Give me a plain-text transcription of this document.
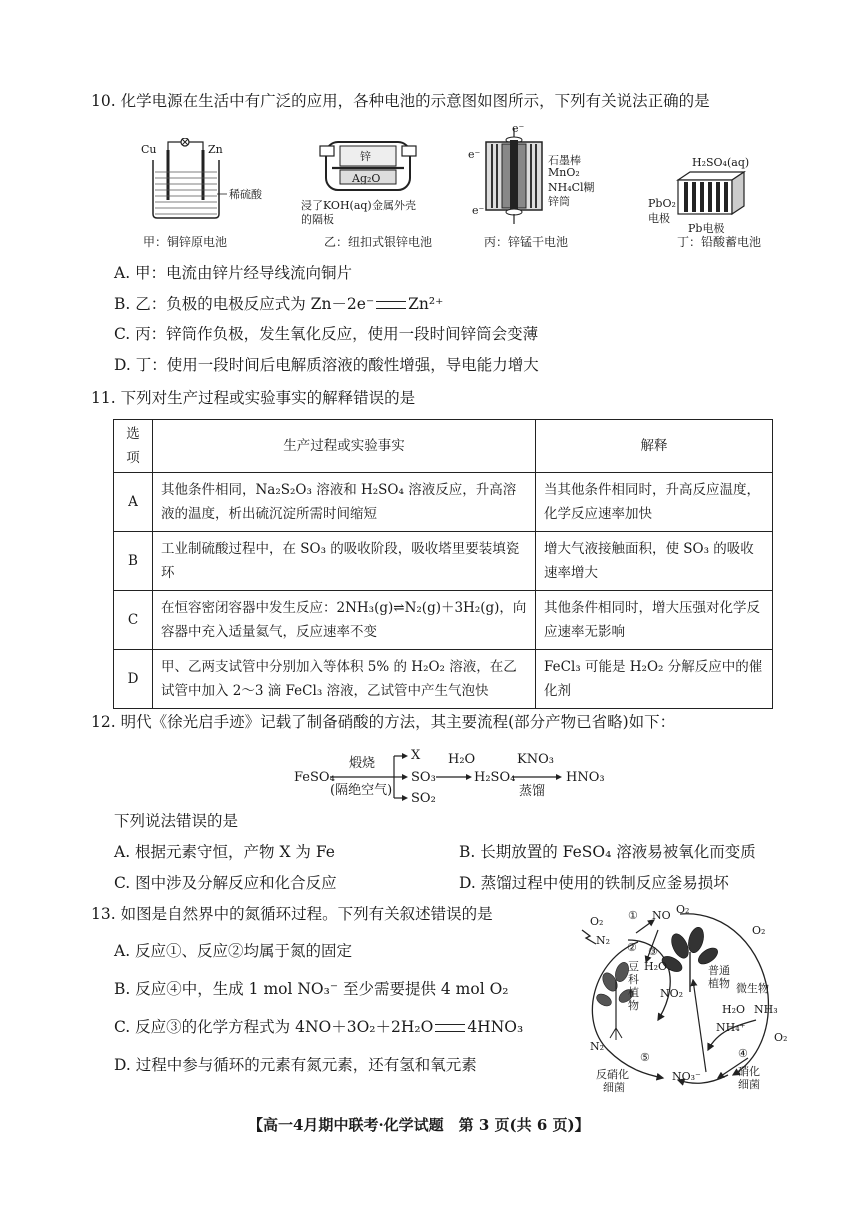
10. 化学电源在生活中有广泛的应用，各种电池的示意图如图所示，下列有关说法正确的是
Cu	Zn
稀硫酸
甲：铜锌原电池
锌
Ag₂O
浸了KOH(aq)
的隔板
金属外壳
乙：纽扣式银锌电池
e⁻
e⁻
e⁻
石墨棒
MnO₂
NH₄Cl糊
锌筒
丙：锌锰干电池
H₂SO₄(aq)
PbO₂
电极
Pb电极
丁：铅酸蓄电池
A. 甲：电流由锌片经导线流向铜片
B. 乙：负极的电极反应式为 Zn－2e⁻ Zn²⁺
C. 丙：锌筒作负极，发生氧化反应，使用一段时间锌筒会变薄
D. 丁：使用一段时间后电解质溶液的酸性增强，导电能力增大
11. 下列对生产过程或实验事实的解释错误的是
选项	生产过程或实验事实	解释
A	其他条件相同，Na₂S₂O₃ 溶液和 H₂SO₄ 溶液反应，升高溶液的温度，析出硫沉淀所需时间缩短	当其他条件相同时，升高反应温度，化学反应速率加快
B	工业制硫酸过程中，在 SO₃ 的吸收阶段，吸收塔里要装填瓷环	增大气液接触面积，使 SO₃ 的吸收速率增大
C	在恒容密闭容器中发生反应：2NH₃(g)⇌N₂(g)＋3H₂(g)，向容器中充入适量氦气，反应速率不变	其他条件相同时，增大压强对化学反应速率无影响
D	甲、乙两支试管中分别加入等体积 5% 的 H₂O₂ 溶液，在乙试管中加入 2～3 滴 FeCl₃ 溶液，乙试管中产生气泡快	FeCl₃ 可能是 H₂O₂ 分解反应中的催化剂
12. 明代《徐光启手迹》记载了制备硝酸的方法，其主要流程(部分产物已省略)如下：
FeSO₄
煅烧
(隔绝空气)
X
SO₃
SO₂
H₂O
H₂SO₄
KNO₃
蒸馏
HNO₃
下列说法错误的是
A. 根据元素守恒，产物 X 为 Fe	B. 长期放置的 FeSO₄ 溶液易被氧化而变质
C. 图中涉及分解反应和化合反应	D. 蒸馏过程中使用的铁制反应釜易损坏
13. 如图是自然界中的氮循环过程。下列有关叙述错误的是
A. 反应①、反应②均属于氮的固定
B. 反应④中，生成 1 mol NO₃⁻ 至少需要提供 4 mol O₂
C. 反应③的化学方程式为 4NO＋3O₂＋2H₂O 4HNO₃
D. 过程中参与循环的元素有氮元素，还有氢和氧元素
O₂ ① NO O₂
N₂
② ③
H₂O
豆
科
植
物
普通
植物 微生物
O₂
NO₂
H₂O NH₃
NH₄⁺
O₂
④
硝化
细菌
N₂
⑤
NO₃⁻
反硝化
细菌
【高一4月期中联考·化学试题　第 3 页(共 6 页)】
